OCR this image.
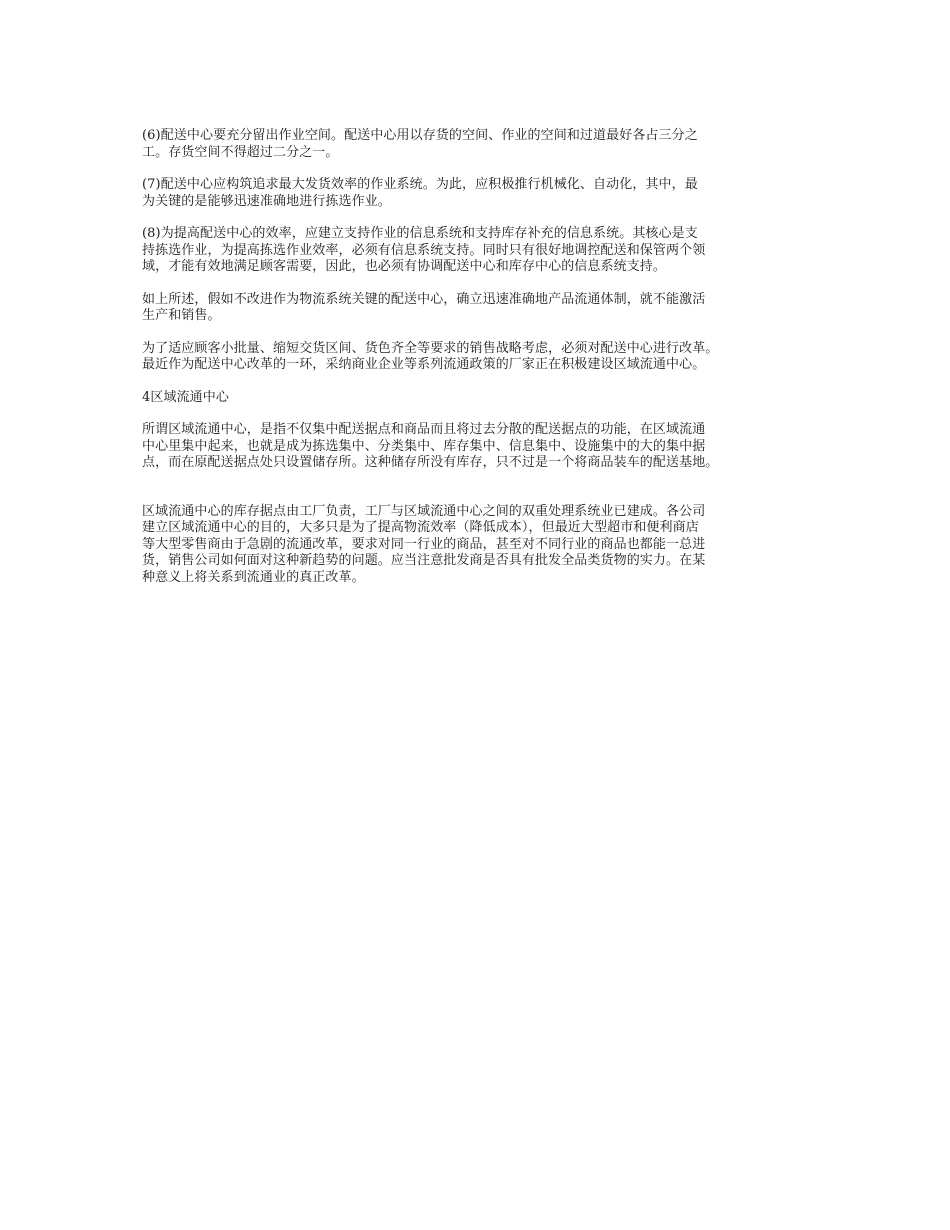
(6)配送中心要充分留出作业空间。配送中心用以存货的空间、作业的空间和过道最好各占三分之
工。存货空间不得超过二分之一。

(7)配送中心应构筑追求最大发货效率的作业系统。为此，应积极推行机械化、自动化，其中，最
为关键的是能够迅速准确地进行拣选作业。

(8)为提高配送中心的效率，应建立支持作业的信息系统和支持库存补充的信息系统。其核心是支
持拣选作业，为提高拣选作业效率，必须有信息系统支持。同时只有很好地调控配送和保管两个领
域，才能有效地满足顾客需要，因此，也必须有协调配送中心和库存中心的信息系统支持。

如上所述，假如不改进作为物流系统关键的配送中心，确立迅速准确地产品流通体制，就不能激活
生产和销售。

为了适应顾客小批量、缩短交货区间、货色齐全等要求的销售战略考虑，必须对配送中心进行改革。
最近作为配送中心改革的一环，采纳商业企业等系列流通政策的厂家正在积极建设区域流通中心。

4区域流通中心

所谓区域流通中心，是指不仅集中配送据点和商品而且将过去分散的配送据点的功能，在区域流通
中心里集中起来，也就是成为拣选集中、分类集中、库存集中、信息集中、设施集中的大的集中据
点，而在原配送据点处只设置储存所。这种储存所没有库存，只不过是一个将商品装车的配送基地。

区域流通中心的库存据点由工厂负责，工厂与区域流通中心之间的双重处理系统业已建成。各公司
建立区域流通中心的目的，大多只是为了提高物流效率（降低成本），但最近大型超市和便利商店
等大型零售商由于急剧的流通改革，要求对同一行业的商品，甚至对不同行业的商品也都能一总进
货，销售公司如何面对这种新趋势的问题。应当注意批发商是否具有批发全品类货物的实力。在某
种意义上将关系到流通业的真正改革。
